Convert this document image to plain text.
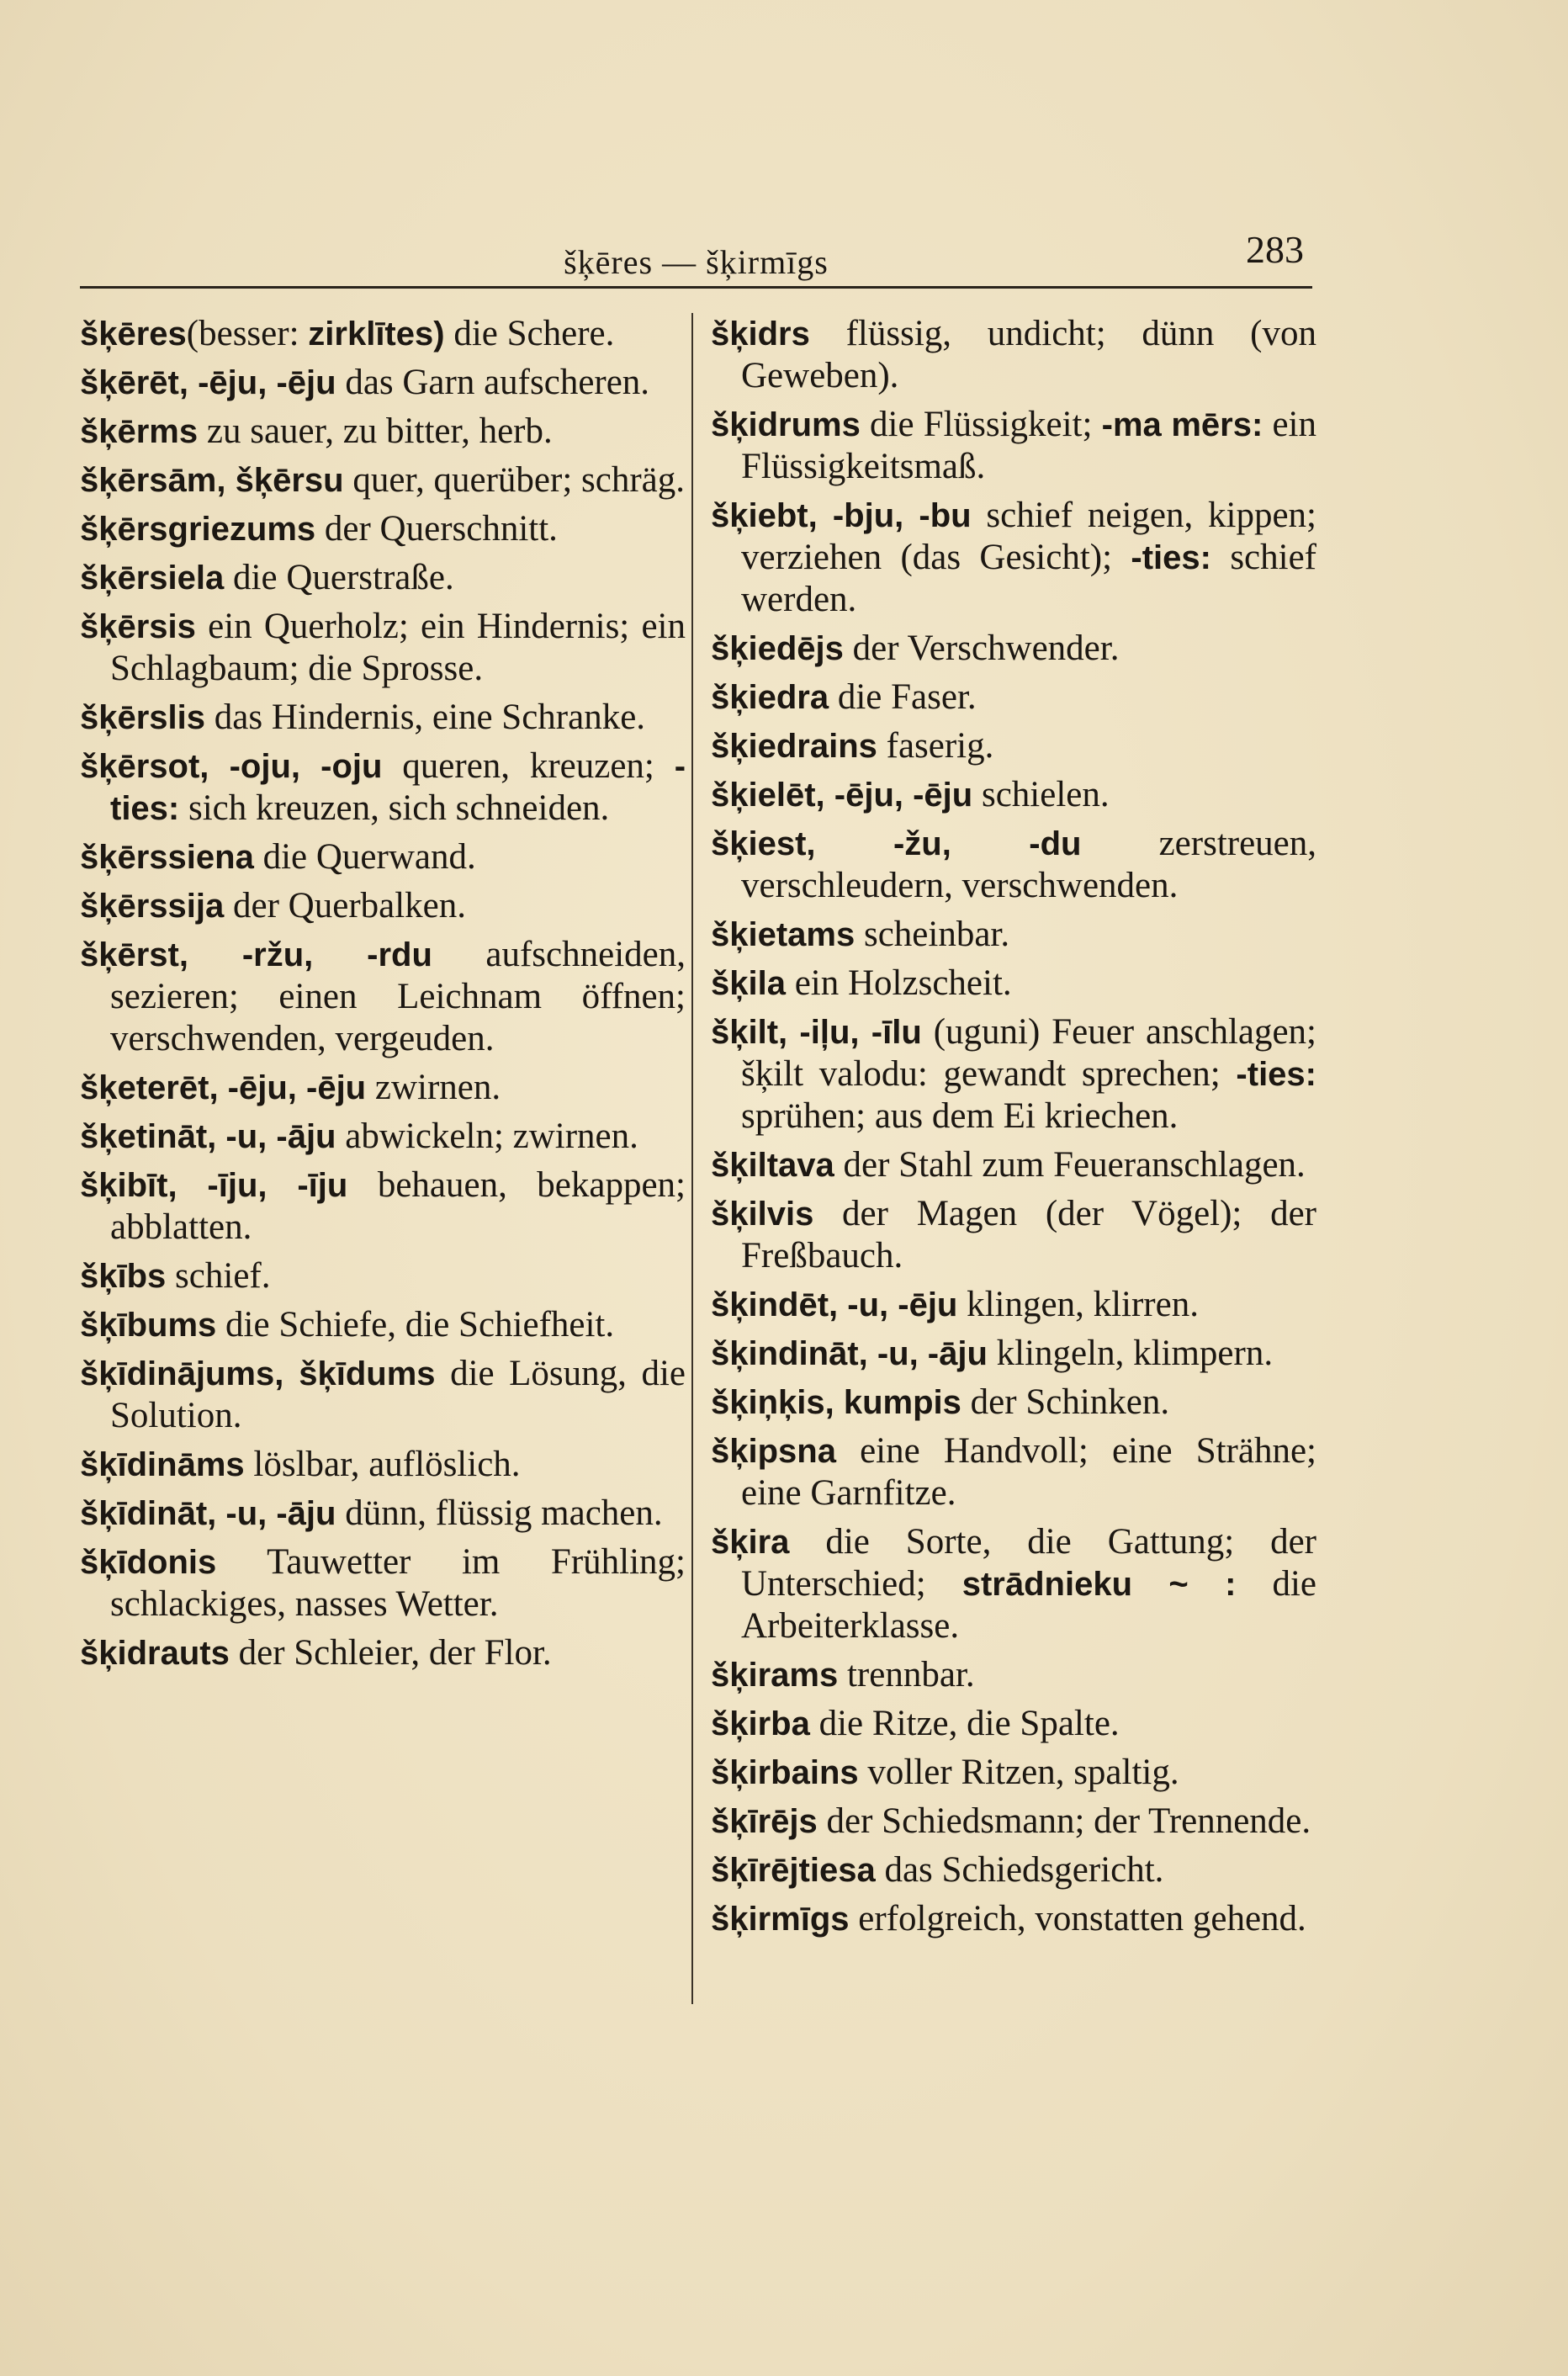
šķēres — šķirmīgs	283

šķēres(besser: zirklītes) die Schere.

šķērēt, -ēju, -ēju das Garn aufscheren.

šķērms zu sauer, zu bitter, herb.

šķērsām, šķērsu quer, querüber; schräg.

šķērsgriezums der Querschnitt.

šķērsiela die Querstraße.

šķērsis ein Querholz; ein Hindernis; ein Schlagbaum; die Sprosse.

šķērslis das Hindernis, eine Schranke.

šķērsot, -oju, -oju queren, kreuzen; -ties: sich kreuzen, sich schneiden.

šķērssiena die Querwand.

šķērssija der Querbalken.

šķērst, -ržu, -rdu aufschneiden, sezieren; einen Leichnam öffnen; verschwenden, vergeuden.

šķeterēt, -ēju, -ēju zwirnen.

šķetināt, -u, -āju abwickeln; zwirnen.

šķibīt, -īju, -īju behauen, bekappen; abblatten.

šķībs schief.

šķībums die Schiefe, die Schiefheit.

šķīdinājums, šķīdums die Lösung, die Solution.

šķīdināms löslbar, auflöslich.

šķīdināt, -u, -āju dünn, flüssig machen.

šķīdonis Tauwetter im Frühling; schlackiges, nasses Wetter.

šķidrauts der Schleier, der Flor.

šķidrs flüssig, undicht; dünn (von Geweben).

šķidrums die Flüssigkeit; -ma mērs: ein Flüssigkeitsmaß.

šķiebt, -bju, -bu schief neigen, kippen; verziehen (das Gesicht); -ties: schief werden.

šķiedējs der Verschwender.

šķiedra die Faser.

šķiedrains faserig.

šķielēt, -ēju, -ēju schielen.

šķiest, -žu, -du zerstreuen, verschleudern, verschwenden.

šķietams scheinbar.

šķila ein Holzscheit.

šķilt, -iļu, -īlu (uguni) Feuer anschlagen; šķilt valodu: gewandt sprechen; -ties: sprühen; aus dem Ei kriechen.

šķiltava der Stahl zum Feueranschlagen.

šķilvis der Magen (der Vögel); der Freßbauch.

šķindēt, -u, -ēju klingen, klirren.

šķindināt, -u, -āju klingeln, klimpern.

šķiņķis, kumpis der Schinken.

šķipsna eine Handvoll; eine Strähne; eine Garnfitze.

šķira die Sorte, die Gattung; der Unterschied; strādnieku ~ : die Arbeiterklasse.

šķirams trennbar.

šķirba die Ritze, die Spalte.

šķirbains voller Ritzen, spaltig.

šķīrējs der Schiedsmann; der Trennende.

šķīrējtiesa das Schiedsgericht.

šķirmīgs erfolgreich, vonstatten gehend.
